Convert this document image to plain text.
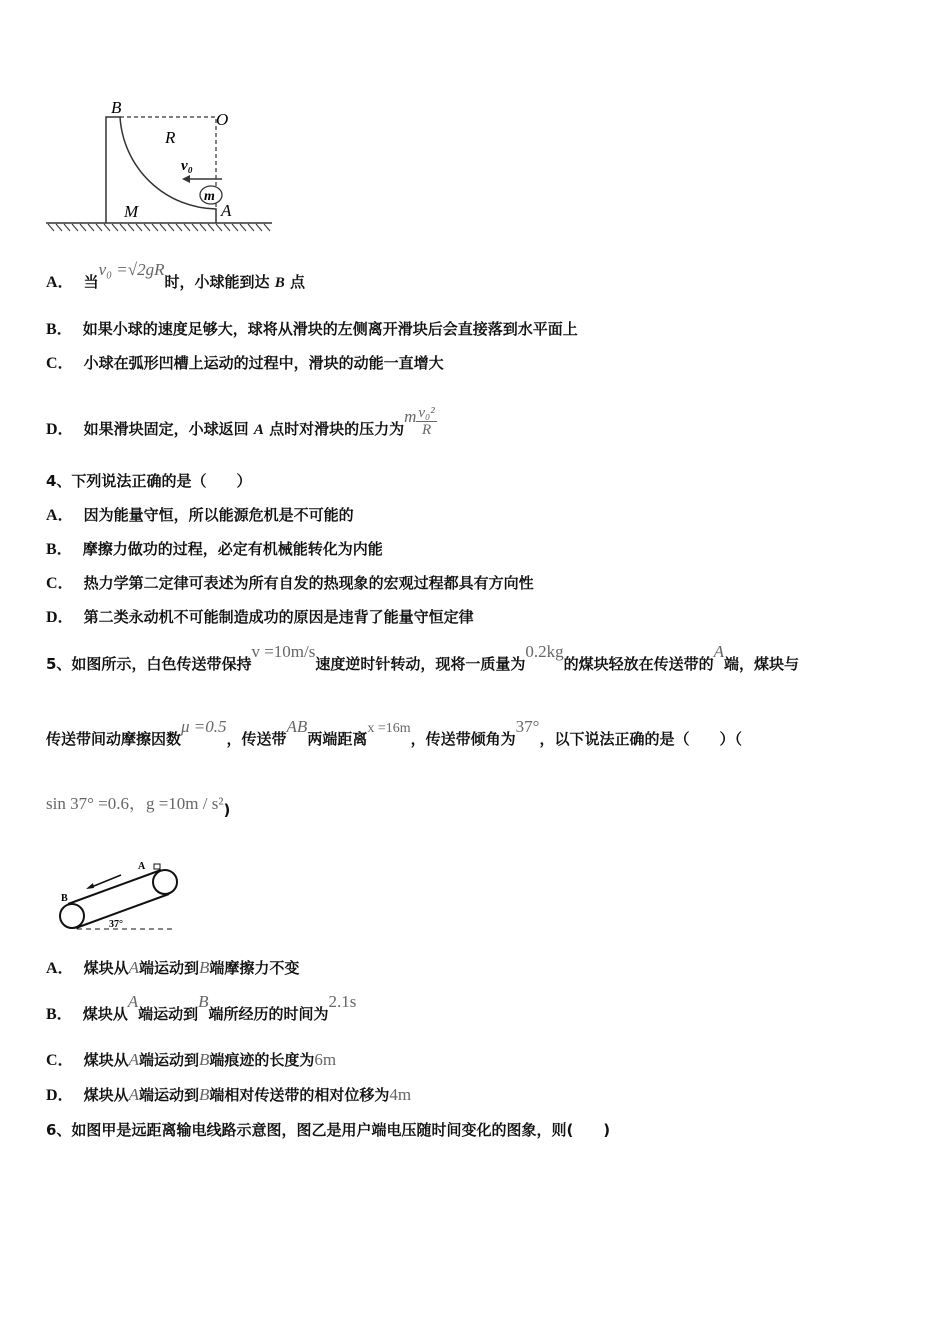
B
O
R
v₀
m
A
M
A． 当v₀ =√2gR时，小球能到达 B 点
B． 如果小球的速度足够大，球将从滑块的左侧离开滑块后会直接落到水平面上
C． 小球在弧形凹槽上运动的过程中，滑块的动能一直增大
D． 如果滑块固定，小球返回 A 点时对滑块的压力为m $\frac{\text{v₀²}}{R}$
4、下列说法正确的是（　　）
A． 因为能量守恒，所以能源危机是不可能的
B． 摩擦力做功的过程，必定有机械能转化为内能
C． 热力学第二定律可表述为所有自发的热现象的宏观过程都具有方向性
D． 第二类永动机不可能制造成功的原因是违背了能量守恒定律
5、如图所示，白色传送带保持v =10m/s速度逆时针转动，现将一质量为0.2kg的煤块轻放在传送带的A端，煤块与
传送带间动摩擦因数μ =0.5，传送带AB两端距离x =16m，传送带倾角为37°，以下说法正确的是（　　）（
sin 37° =0.6，g =10m / s²)
A
B
37°
A． 煤块从A端运动到B端摩擦力不变
B． 煤块从A端运动到B端所经历的时间为2.1s
C． 煤块从A端运动到B端痕迹的长度为6m
D． 煤块从A端运动到B端相对传送带的相对位移为4m
6、如图甲是远距离输电线路示意图，图乙是用户端电压随时间变化的图象，则(　　)
